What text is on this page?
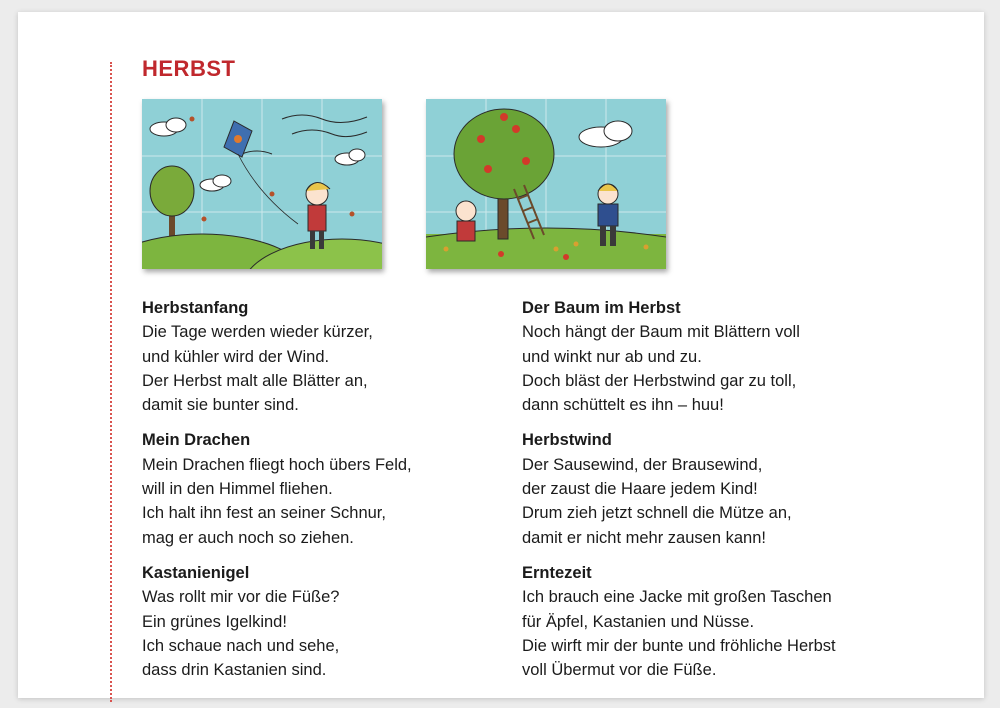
HERBST
Herbstanfang

Die Tage werden wieder kürzer,

und kühler wird der Wind.

Der Herbst malt alle Blätter an,

damit sie bunter sind.

Mein Drachen

Mein Drachen fliegt hoch übers Feld,

will in den Himmel fliehen.

Ich halt ihn fest an seiner Schnur,

mag er auch noch so ziehen.

Kastanienigel

Was rollt mir vor die Füße?

Ein grünes Igelkind!

Ich schaue nach und sehe,

dass drin Kastanien sind.

Der Baum im Herbst

Noch hängt der Baum mit Blättern voll

und winkt nur ab und zu.

Doch bläst der Herbstwind gar zu toll,

dann schüttelt es ihn – huu!

Herbstwind

Der Sausewind, der Brausewind,

der zaust die Haare jedem Kind!

Drum zieh jetzt schnell die Mütze an,

damit er nicht mehr zausen kann!

Erntezeit

Ich brauch eine Jacke mit großen Taschen

für Äpfel, Kastanien und Nüsse.

Die wirft mir der bunte und fröhliche Herbst

voll Übermut vor die Füße.
